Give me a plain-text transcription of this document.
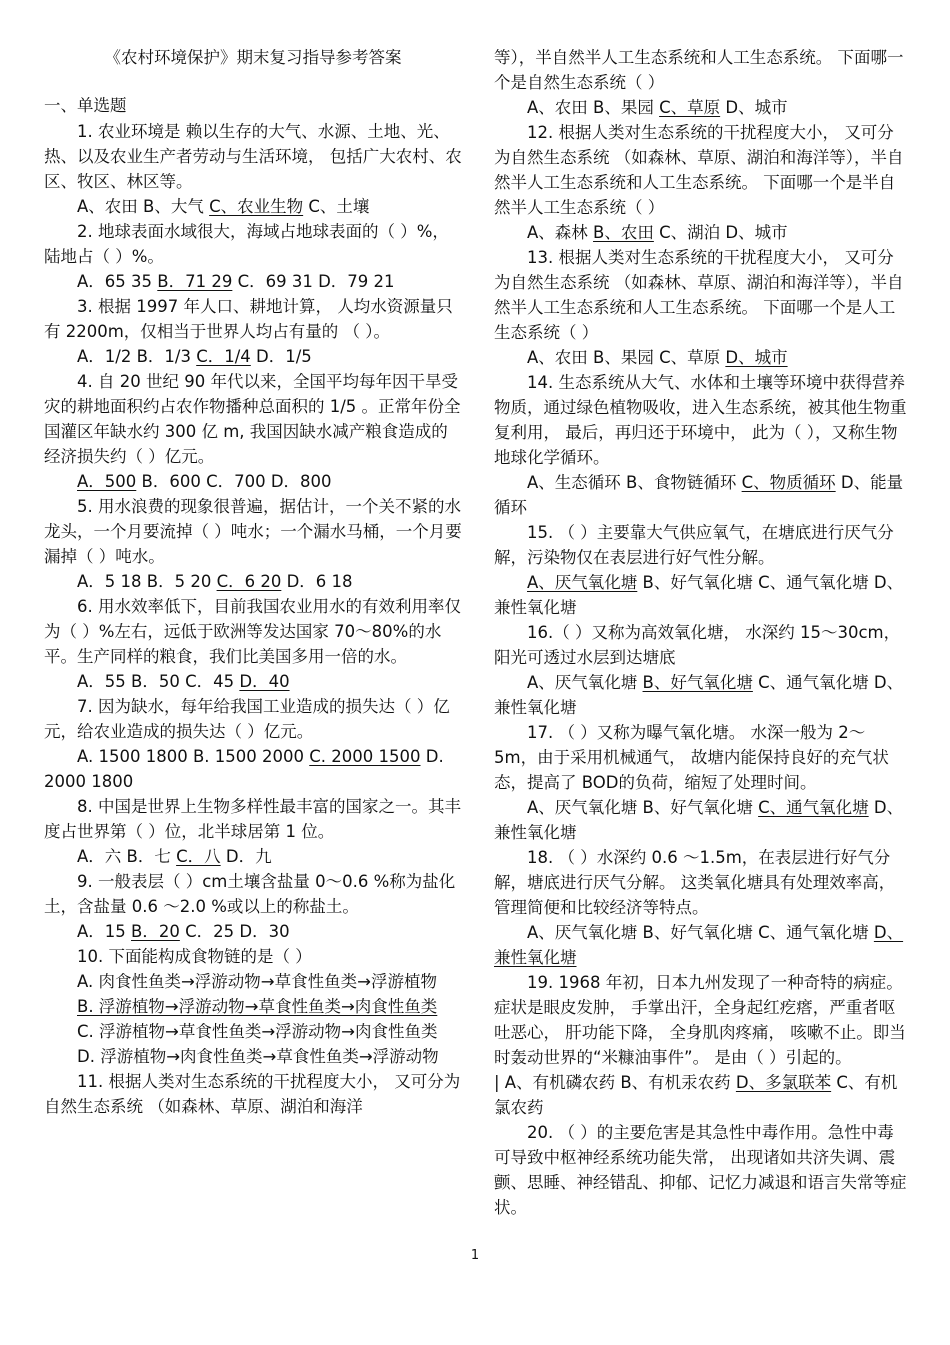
《农村环境保护》期末复习指导参考答案
一、单选题

1. 农业环境是 赖以生存的大气、水源、土地、光、热、以及农业生产者劳动与生活环境， 包括广大农村、农区、牧区、林区等。

A、农田 B、大气 C、农业生物 C、土壤

2. 地球表面水域很大，海域占地球表面的（ ）%，陆地占（ ）%。

A．65 35 B．71 29 C．69 31 D．79 21

3. 根据 1997 年人口、耕地计算， 人均水资源量只有 2200m，仅相当于世界人均占有量的 （ ）。

A．1/2 B．1/3 C．1/4 D．1/5

4. 自 20 世纪 90 年代以来，全国平均每年因干旱受灾的耕地面积约占农作物播种总面积的 1/5 。正常年份全国灌区年缺水约 300 亿 m, 我国因缺水减产粮食造成的经济损失约（ ）亿元。

A．500 B．600 C．700 D．800

5. 用水浪费的现象很普遍，据估计，一个关不紧的水龙头，一个月要流掉（ ）吨水；一个漏水马桶，一个月要漏掉（ ）吨水。

A．5 18 B．5 20 C．6 20 D．6 18

6. 用水效率低下，目前我国农业用水的有效利用率仅为（ ）%左右，远低于欧洲等发达国家 70～80%的水平。生产同样的粮食，我们比美国多用一倍的水。

A．55 B．50 C．45 D．40

7. 因为缺水，每年给我国工业造成的损失达（ ）亿元，给农业造成的损失达（ ）亿元。

A. 1500 1800 B. 1500 2000 C. 2000 1500 D. 2000 1800

8. 中国是世界上生物多样性最丰富的国家之一。其丰度占世界第（ ）位，北半球居第 1 位。

A．六 B．七 C．八 D．九

9. 一般表层（ ）cm土壤含盐量 0～0.6 %称为盐化土，含盐量 0.6 ～2.0 %或以上的称盐土。

A．15 B．20 C．25 D．30

10. 下面能构成食物链的是（ ）

A. 肉食性鱼类→浮游动物→草食性鱼类→浮游植物

B. 浮游植物→浮游动物→草食性鱼类→肉食性鱼类

C. 浮游植物→草食性鱼类→浮游动物→肉食性鱼类

D. 浮游植物→肉食性鱼类→草食性鱼类→浮游动物

11. 根据人类对生态系统的干扰程度大小， 又可分为自然生态系统 （如森林、草原、湖泊和海洋

等），半自然半人工生态系统和人工生态系统。 下面哪一个是自然生态系统（ ）

A、农田 B、果园 C、草原 D、城市

12. 根据人类对生态系统的干扰程度大小， 又可分为自然生态系统 （如森林、草原、湖泊和海洋等），半自然半人工生态系统和人工生态系统。 下面哪一个是半自然半人工生态系统（ ）

A、森林 B、农田 C、湖泊 D、城市

13. 根据人类对生态系统的干扰程度大小， 又可分为自然生态系统 （如森林、草原、湖泊和海洋等），半自然半人工生态系统和人工生态系统。 下面哪一个是人工生态系统（ ）

A、农田 B、果园 C、草原 D、城市

14. 生态系统从大气、水体和土壤等环境中获得营养物质，通过绿色植物吸收，进入生态系统，被其他生物重复利用， 最后，再归还于环境中， 此为（ ），又称生物地球化学循环。

A、生态循环 B、食物链循环 C、物质循环 D、能量循环

15. （ ）主要靠大气供应氧气，在塘底进行厌气分解，污染物仅在表层进行好气性分解。

A、厌气氧化塘 B、好气氧化塘 C、通气氧化塘 D、兼性氧化塘

16.（ ）又称为高效氧化塘， 水深约 15～30cm，阳光可透过水层到达塘底

A、厌气氧化塘 B、好气氧化塘 C、通气氧化塘 D、兼性氧化塘

17. （ ）又称为曝气氧化塘。 水深一般为 2～5m，由于采用机械通气， 故塘内能保持良好的充气状态，提高了 BOD的负荷，缩短了处理时间。

A、厌气氧化塘 B、好气氧化塘 C、通气氧化塘 D、兼性氧化塘

18. （ ）水深约 0.6 ～1.5m，在表层进行好气分解，塘底进行厌气分解。 这类氧化塘具有处理效率高，管理简便和比较经济等特点。

A、厌气氧化塘 B、好气氧化塘 C、通气氧化塘 D、兼性氧化塘

19. 1968 年初，日本九州发现了一种奇特的病症。症状是眼皮发肿， 手掌出汗，全身起红疙瘩，严重者呕吐恶心， 肝功能下降， 全身肌肉疼痛， 咳嗽不止。即当时轰动世界的“米糠油事件”。 是由（ ）引起的。

| A、有机磷农药 B、有机汞农药 D、多氯联苯 C、有机氯农药

20. （ ）的主要危害是其急性中毒作用。急性中毒可导致中枢神经系统功能失常， 出现诸如共济失调、震颤、思睡、神经错乱、抑郁、记忆力减退和语言失常等症状。

1
